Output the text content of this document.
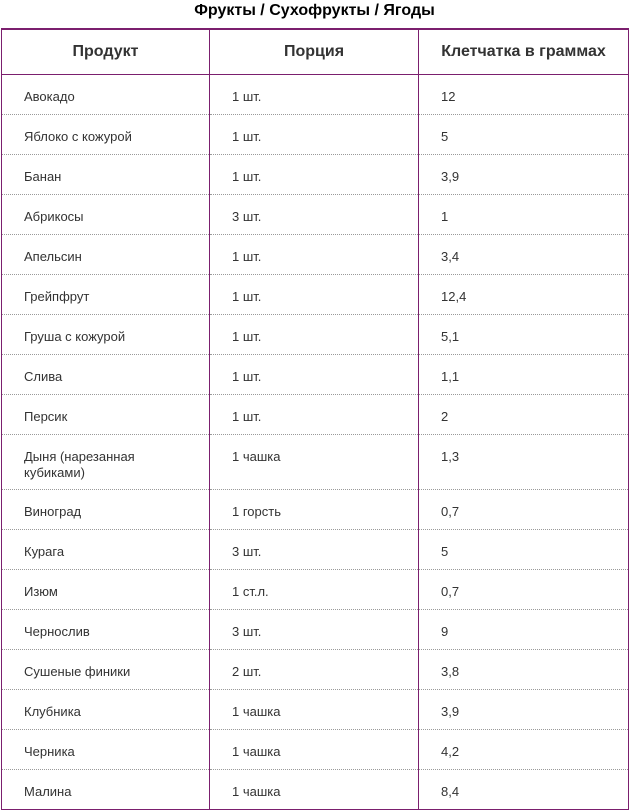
Фрукты / Сухофрукты / Ягоды
Продукт	Порция	Клетчатка в граммах
Авокадо	1 шт.	12
Яблоко с кожурой	1 шт.	5
Банан	1 шт.	3,9
Абрикосы	3 шт.	1
Апельсин	1 шт.	3,4
Грейпфрут	1 шт.	12,4
Груша с кожурой	1 шт.	5,1
Слива	1 шт.	1,1
Персик	1 шт.	2
Дыня (нарезанная кубиками)	1 чашка	1,3
Виноград	1 горсть	0,7
Курага	3 шт.	5
Изюм	1 ст.л.	0,7
Чернослив	3 шт.	9
Сушеные финики	2 шт.	3,8
Клубника	1 чашка	3,9
Черника	1 чашка	4,2
Малина	1 чашка	8,4
